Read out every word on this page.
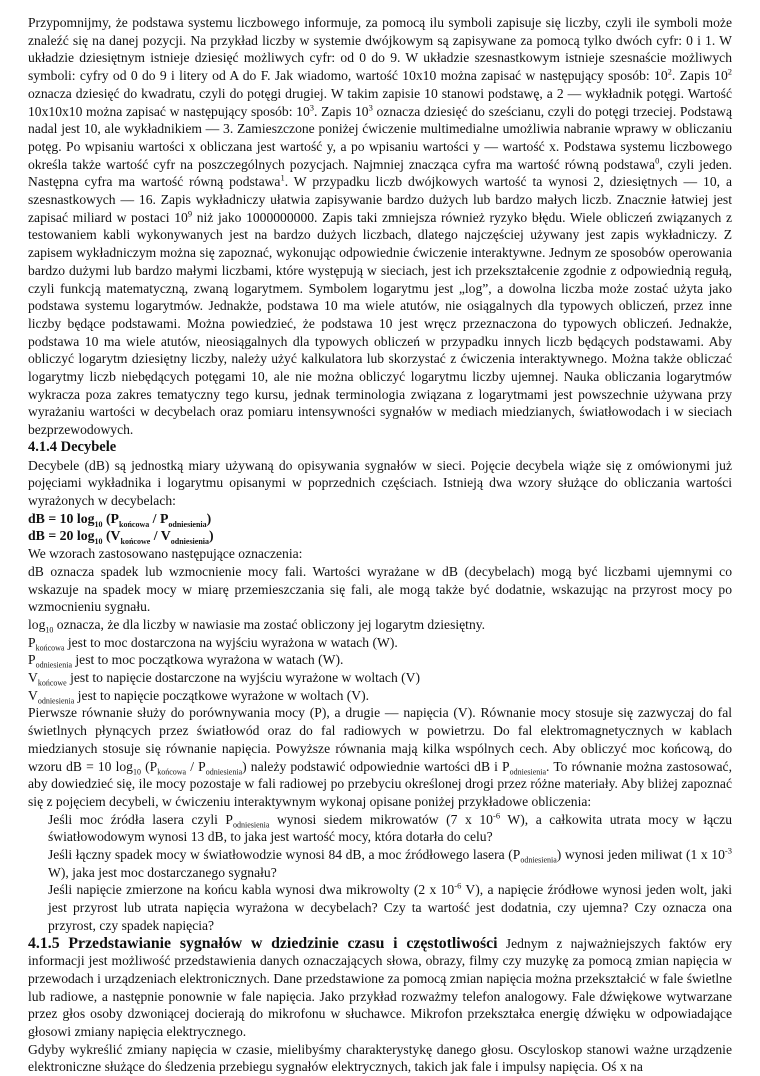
Przypomnijmy, że podstawa systemu liczbowego informuje, za pomocą ilu symboli zapisuje się liczby, czyli ile symboli może znaleźć się na danej pozycji. Na przykład liczby w systemie dwójkowym są zapisywane za pomocą tylko dwóch cyfr: 0 i 1. W układzie dziesiętnym istnieje dziesięć możliwych cyfr: od 0 do 9. W układzie szesnastkowym istnieje szesnaście możliwych symboli: cyfry od 0 do 9 i litery od A do F. Jak wiadomo, wartość 10x10 można zapisać w następujący sposób: $10^2$. Zapis $10^2$ oznacza dziesięć do kwadratu, czyli do potęgi drugiej. W takim zapisie 10 stanowi podstawę, a 2 — wykładnik potęgi. Wartość 10x10x10 można zapisać w następujący sposób: $10^3$. Zapis $10^3$ oznacza dziesięć do sześcianu, czyli do potęgi trzeciej. Podstawą nadal jest 10, ale wykładnikiem — 3. Zamieszczone poniżej ćwiczenie multimedialne umożliwia nabranie wprawy w obliczaniu potęg. Po wpisaniu wartości x obliczana jest wartość y, a po wpisaniu wartości y — wartość x. Podstawa systemu liczbowego określa także wartość cyfr na poszczególnych pozycjach. Najmniej znacząca cyfra ma wartość równą podstawa$^0$, czyli jeden. Następna cyfra ma wartość równą podstawa$^1$. W przypadku liczb dwójkowych wartość ta wynosi 2, dziesiętnych — 10, a szesnastkowych — 16. Zapis wykładniczy ułatwia zapisywanie bardzo dużych lub bardzo małych liczb. Znacznie łatwiej jest zapisać miliard w postaci $10^9$ niż jako 1000000000. Zapis taki zmniejsza również ryzyko błędu. Wiele obliczeń związanych z testowaniem kabli wykonywanych jest na bardzo dużych liczbach, dlatego najczęściej używany jest zapis wykładniczy. Z zapisem wykładniczym można się zapoznać, wykonując odpowiednie ćwiczenie interaktywne. Jednym ze sposobów operowania bardzo dużymi lub bardzo małymi liczbami, które występują w sieciach, jest ich przekształcenie zgodnie z odpowiednią regułą, czyli funkcją matematyczną, zwaną logarytmem. Symbolem logarytmu jest „log”, a dowolna liczba może zostać użyta jako podstawa systemu logarytmów. Jednakże, podstawa 10 ma wiele atutów, nie osiągalnych dla typowych obliczeń, przez inne liczby będące podstawami. Można powiedzieć, że podstawa 10 jest wręcz przeznaczona do typowych obliczeń. Jednakże, podstawa 10 ma wiele atutów, nieosiągalnych dla typowych obliczeń w przypadku innych liczb będących podstawami. Aby obliczyć logarytm dziesiętny liczby, należy użyć kalkulatora lub skorzystać z ćwiczenia interaktywnego. Można także obliczać logarytmy liczb niebędących potęgami 10, ale nie można obliczyć logarytmu liczby ujemnej. Nauka obliczania logarytmów wykracza poza zakres tematyczny tego kursu, jednak terminologia związana z logarytmami jest powszechnie używana przy wyrażaniu wartości w decybelach oraz pomiaru intensywności sygnałów w mediach miedzianych, światłowodach i w sieciach bezprzewodowych.

4.1.4 Decybele

Decybele (dB) są jednostką miary używaną do opisywania sygnałów w sieci. Pojęcie decybela wiąże się z omówionymi już pojęciami wykładnika i logarytmu opisanymi w poprzednich częściach. Istnieją dwa wzory służące do obliczania wartości wyrażonych w decybelach:

dB = 10 $\log_{10} (P_{końcowa} / P_{odniesienia})$

dB = 20 $\log_{10} (V_{końcowe} / V_{odniesienia})$

We wzorach zastosowano następujące oznaczenia:

dB oznacza spadek lub wzmocnienie mocy fali. Wartości wyrażane w dB (decybelach) mogą być liczbami ujemnymi co wskazuje na spadek mocy w miarę przemieszczania się fali, ale mogą także być dodatnie, wskazując na przyrost mocy po wzmocnieniu sygnału.

$\log_{10}$ oznacza, że dla liczby w nawiasie ma zostać obliczony jej logarytm dziesiętny.

$P_{końcowa}$ jest to moc dostarczona na wyjściu wyrażona w watach (W).

$P_{odniesienia}$ jest to moc początkowa wyrażona w watach (W).

$V_{końcowe}$ jest to napięcie dostarczone na wyjściu wyrażone w woltach (V)

$V_{odniesienia}$ jest to napięcie początkowe wyrażone w woltach (V).

Pierwsze równanie służy do porównywania mocy (P), a drugie — napięcia (V). Równanie mocy stosuje się zazwyczaj do fal świetlnych płynących przez światłowód oraz do fal radiowych w powietrzu. Do fal elektromagnetycznych w kablach miedzianych stosuje się równanie napięcia. Powyższe równania mają kilka wspólnych cech. Aby obliczyć moc końcową, do wzoru dB = 10 $\log_{10} (P_{końcowa} / P_{odniesienia})$ należy podstawić odpowiednie wartości dB i $P_{odniesienia}$. To równanie można zastosować, aby dowiedzieć się, ile mocy pozostaje w fali radiowej po przebyciu określonej drogi przez różne materiały. Aby bliżej zapoznać się z pojęciem decybeli, w ćwiczeniu interaktywnym wykonaj opisane poniżej przykładowe obliczenia:

Jeśli moc źródła lasera czyli $P_{odniesienia}$ wynosi siedem mikrowatów (7 x $10^{-6}$ W), a całkowita utrata mocy w łączu światłowodowym wynosi 13 dB, to jaka jest wartość mocy, która dotarła do celu?

Jeśli łączny spadek mocy w światłowodzie wynosi 84 dB, a moc źródłowego lasera $(P_{odniesienia})$ wynosi jeden miliwat (1 x $10^{-3}$ W), jaka jest moc dostarczanego sygnału?

Jeśli napięcie zmierzone na końcu kabla wynosi dwa mikrowolty (2 x $10^{-6}$ V), a napięcie źródłowe wynosi jeden wolt, jaki jest przyrost lub utrata napięcia wyrażona w decybelach? Czy ta wartość jest dodatnia, czy ujemna? Czy oznacza ona przyrost, czy spadek napięcia?

4.1.5 Przedstawianie sygnałów w dziedzinie czasu i częstotliwości Jednym z najważniejszych faktów ery informacji jest możliwość przedstawienia danych oznaczających słowa, obrazy, filmy czy muzykę za pomocą zmian napięcia w przewodach i urządzeniach elektronicznych. Dane przedstawione za pomocą zmian napięcia można przekształcić w fale świetlne lub radiowe, a następnie ponownie w fale napięcia. Jako przykład rozważmy telefon analogowy. Fale dźwiękowe wytwarzane przez głos osoby dzwoniącej docierają do mikrofonu w słuchawce. Mikrofon przekształca energię dźwięku w odpowiadające głosowi zmiany napięcia elektrycznego.

Gdyby wykreślić zmiany napięcia w czasie, mielibyśmy charakterystykę danego głosu. Oscyloskop stanowi ważne urządzenie elektroniczne służące do śledzenia przebiegu sygnałów elektrycznych, takich jak fale i impulsy napięcia. Oś x na
